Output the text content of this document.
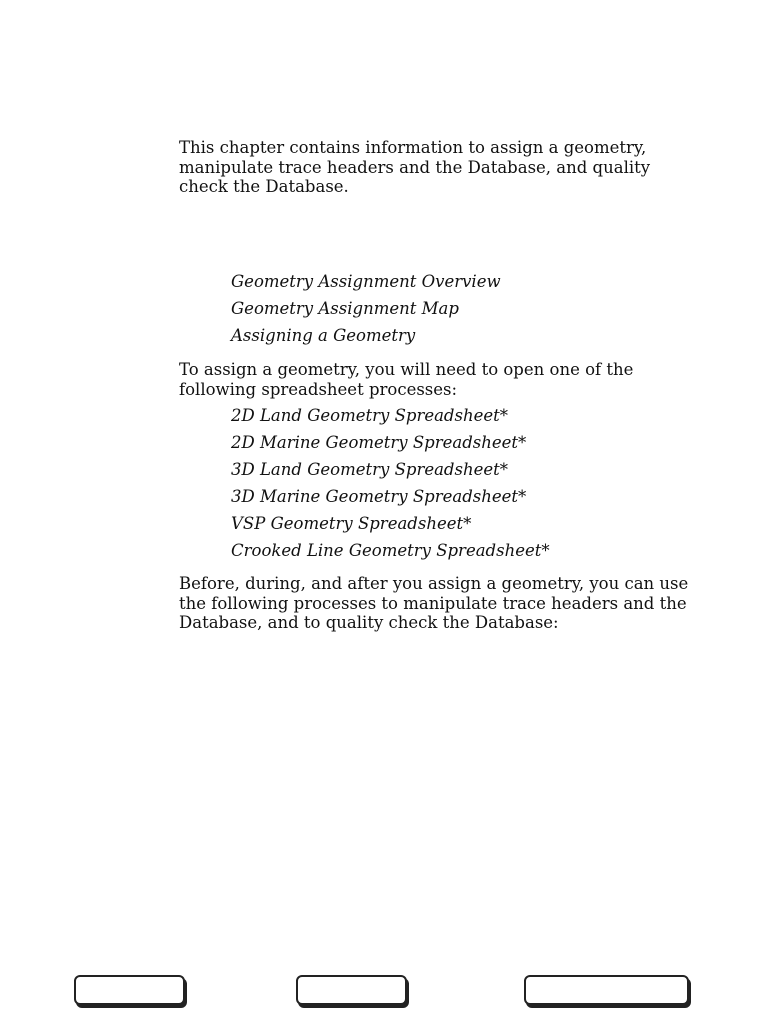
This chapter contains information to assign a geometry, manipulate trace headers and the Database, and quality check the Database.

Geometry Assignment Overview
Geometry Assignment Map
Assigning a Geometry

To assign a geometry, you will need to open one of the following spreadsheet processes:

2D Land Geometry Spreadsheet*
2D Marine Geometry Spreadsheet*
3D Land Geometry Spreadsheet*
3D Marine Geometry Spreadsheet*
VSP Geometry Spreadsheet*
Crooked Line Geometry Spreadsheet*

Before, during, and after you assign a geometry, you can use the following processes to manipulate trace headers and the Database, and to quality check the Database:
